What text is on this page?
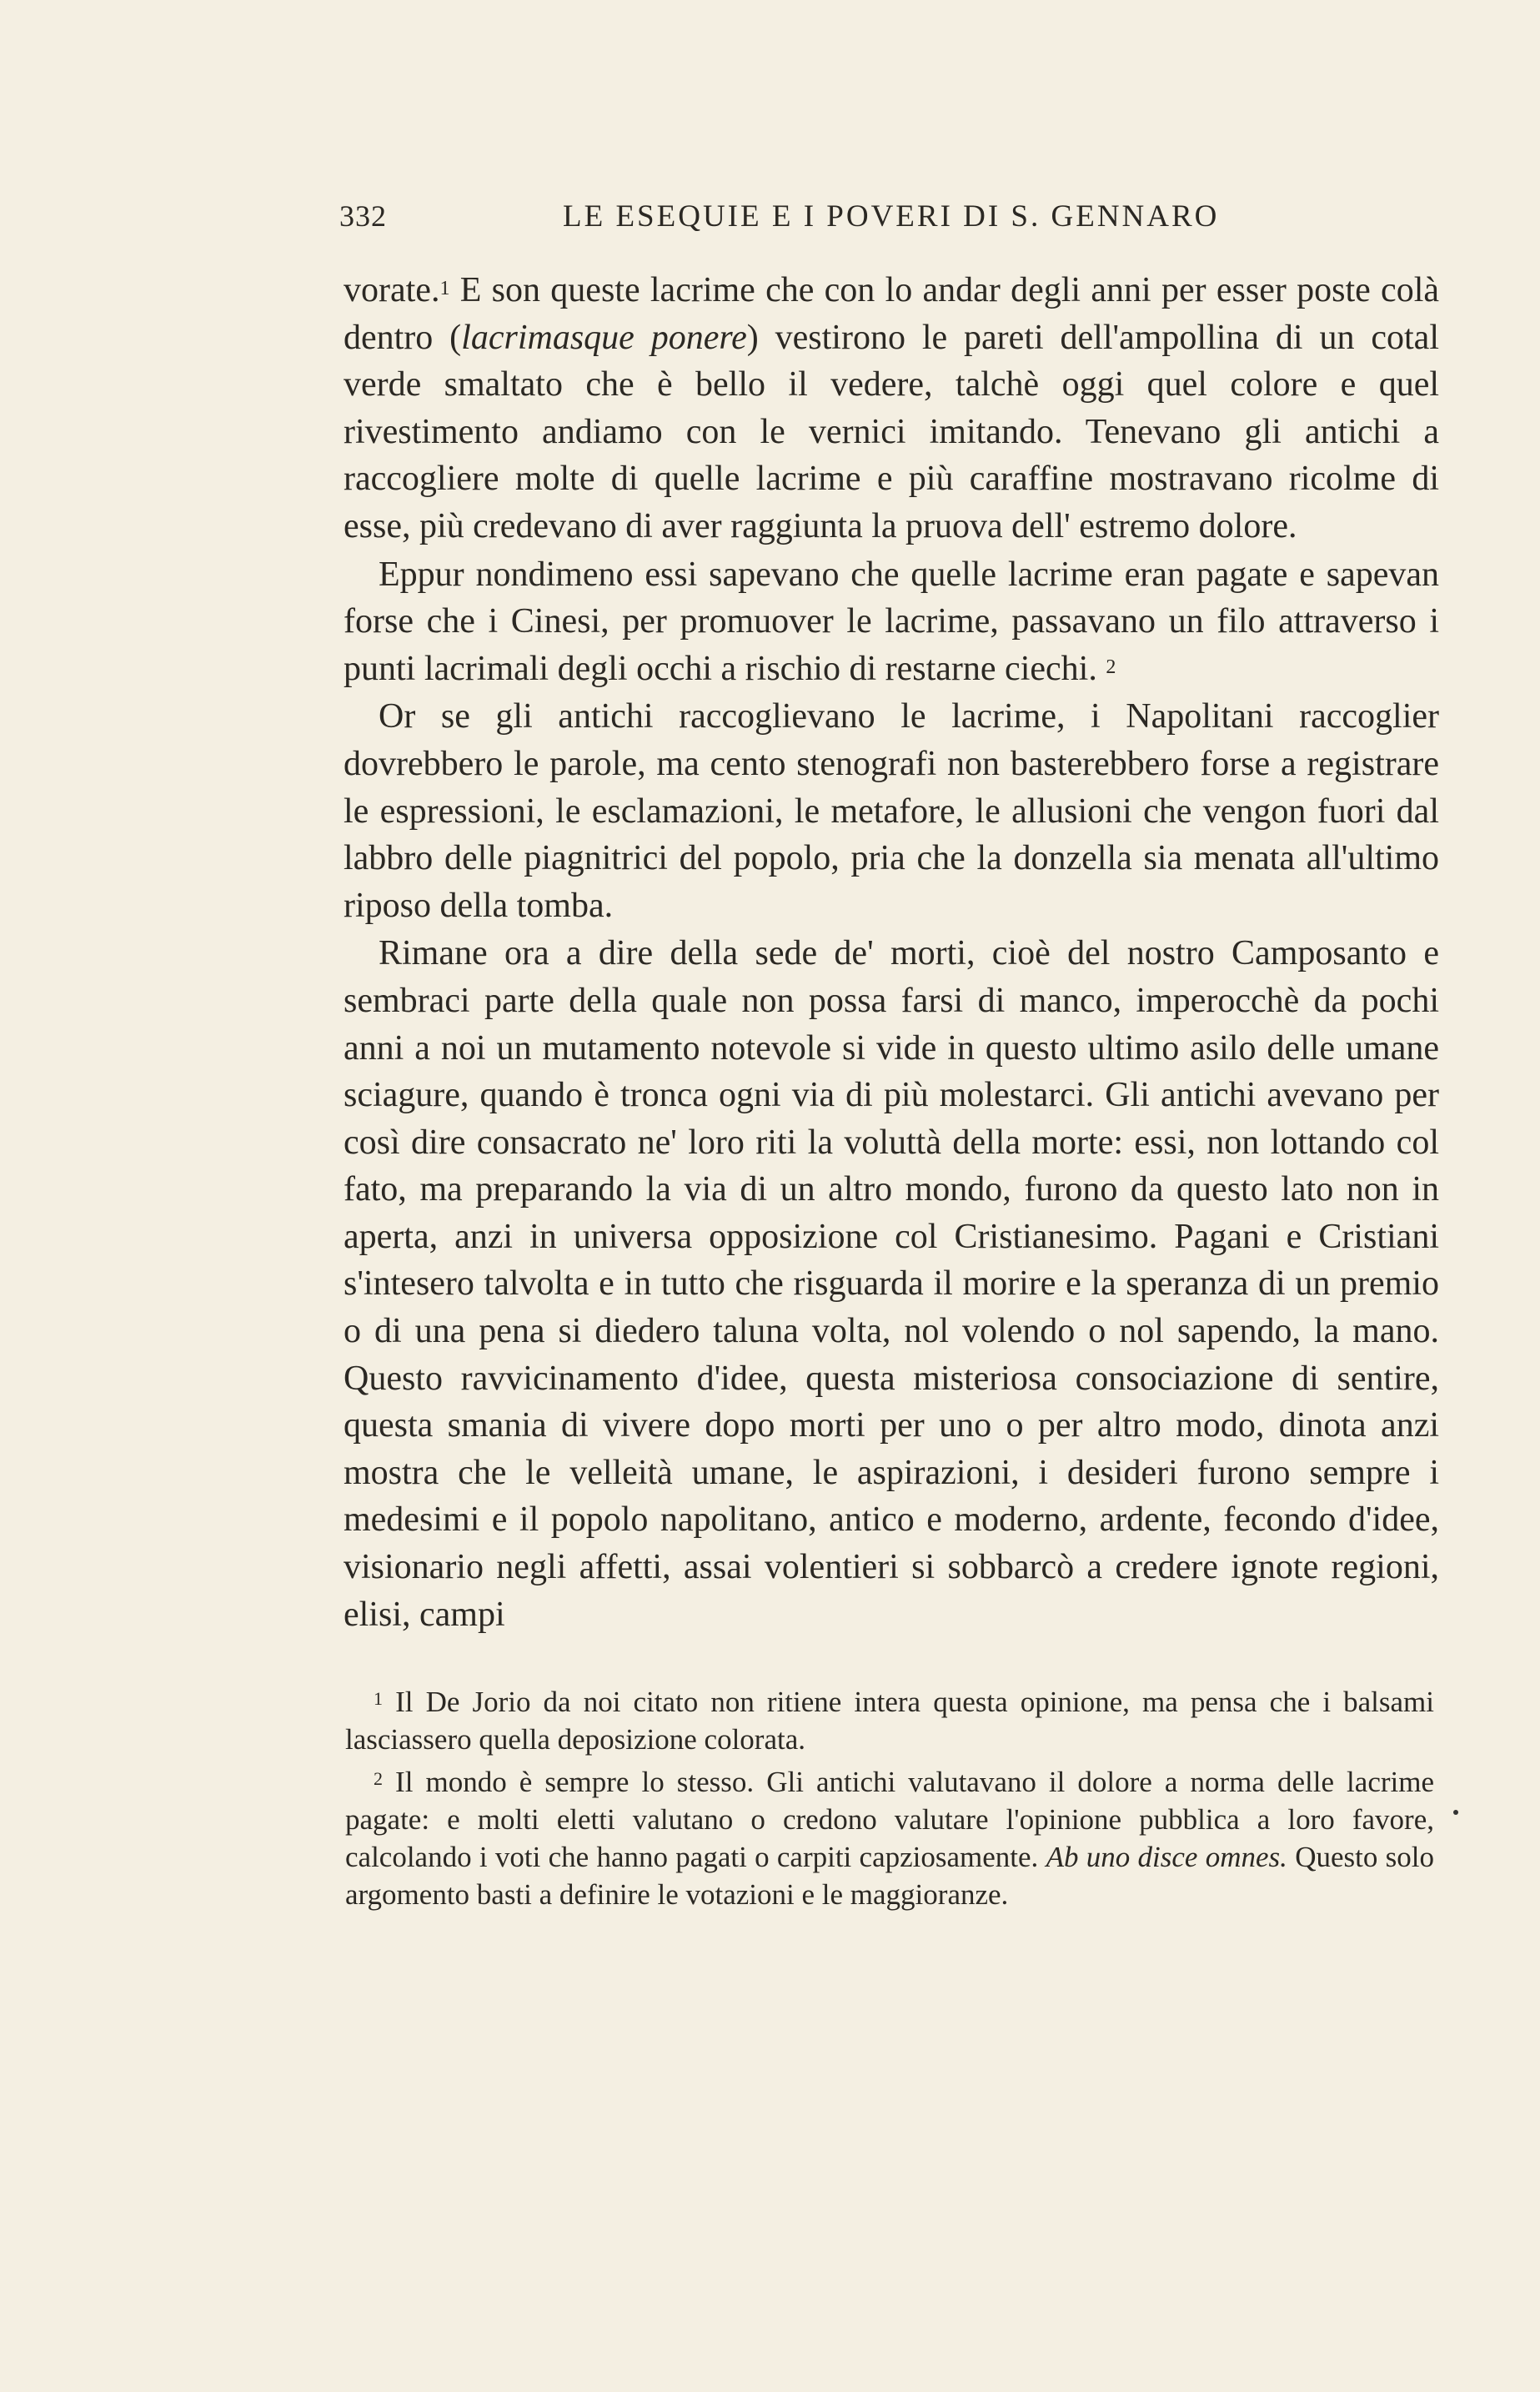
332	LE ESEQUIE E I POVERI DI S. GENNARO

vorate.$^1$ E son queste lacrime che con lo andar degli anni per esser poste colà dentro (lacrimasque ponere) vestirono le pareti dell'ampollina di un cotal verde smaltato che è bello il vedere, talchè oggi quel colore e quel rivestimento andiamo con le vernici imitando. Tenevano gli antichi a raccogliere molte di quelle lacrime e più caraffine mostravano ricolme di esse, più credevano di aver raggiunta la pruova dell' estremo dolore.

Eppur nondimeno essi sapevano che quelle lacrime eran pagate e sapevan forse che i Cinesi, per promuover le lacrime, passavano un filo attraverso i punti lacrimali degli occhi a rischio di restarne ciechi. $^2$

Or se gli antichi raccoglievano le lacrime, i Napolitani raccoglier dovrebbero le parole, ma cento stenografi non basterebbero forse a registrare le espressioni, le esclamazioni, le metafore, le allusioni che vengon fuori dal labbro delle piagnitrici del popolo, pria che la donzella sia menata all'ultimo riposo della tomba.

Rimane ora a dire della sede de' morti, cioè del nostro Camposanto e sembraci parte della quale non possa farsi di manco, imperocchè da pochi anni a noi un mutamento notevole si vide in questo ultimo asilo delle umane sciagure, quando è tronca ogni via di più molestarci. Gli antichi avevano per così dire consacrato ne' loro riti la voluttà della morte: essi, non lottando col fato, ma preparando la via di un altro mondo, furono da questo lato non in aperta, anzi in universa opposizione col Cristianesimo. Pagani e Cristiani s'intesero talvolta e in tutto che risguarda il morire e la speranza di un premio o di una pena si diedero taluna volta, nol volendo o nol sapendo, la mano. Questo ravvicinamento d'idee, questa misteriosa consociazione di sentire, questa smania di vivere dopo morti per uno o per altro modo, dinota anzi mostra che le velleità umane, le aspirazioni, i desideri furono sempre i medesimi e il popolo napolitano, antico e moderno, ardente, fecondo d'idee, visionario negli affetti, assai volentieri si sobbarcò a credere ignote regioni, elisi, campi

$^1$ Il De Jorio da noi citato non ritiene intera questa opinione, ma pensa che i balsami lasciassero quella deposizione colorata.

$^2$ Il mondo è sempre lo stesso. Gli antichi valutavano il dolore a norma delle lacrime pagate: e molti eletti valutano o credono valutare l'opinione pubblica a loro favore, calcolando i voti che hanno pagati o carpiti capziosamente. Ab uno disce omnes. Questo solo argomento basti a definire le votazioni e le maggioranze.
